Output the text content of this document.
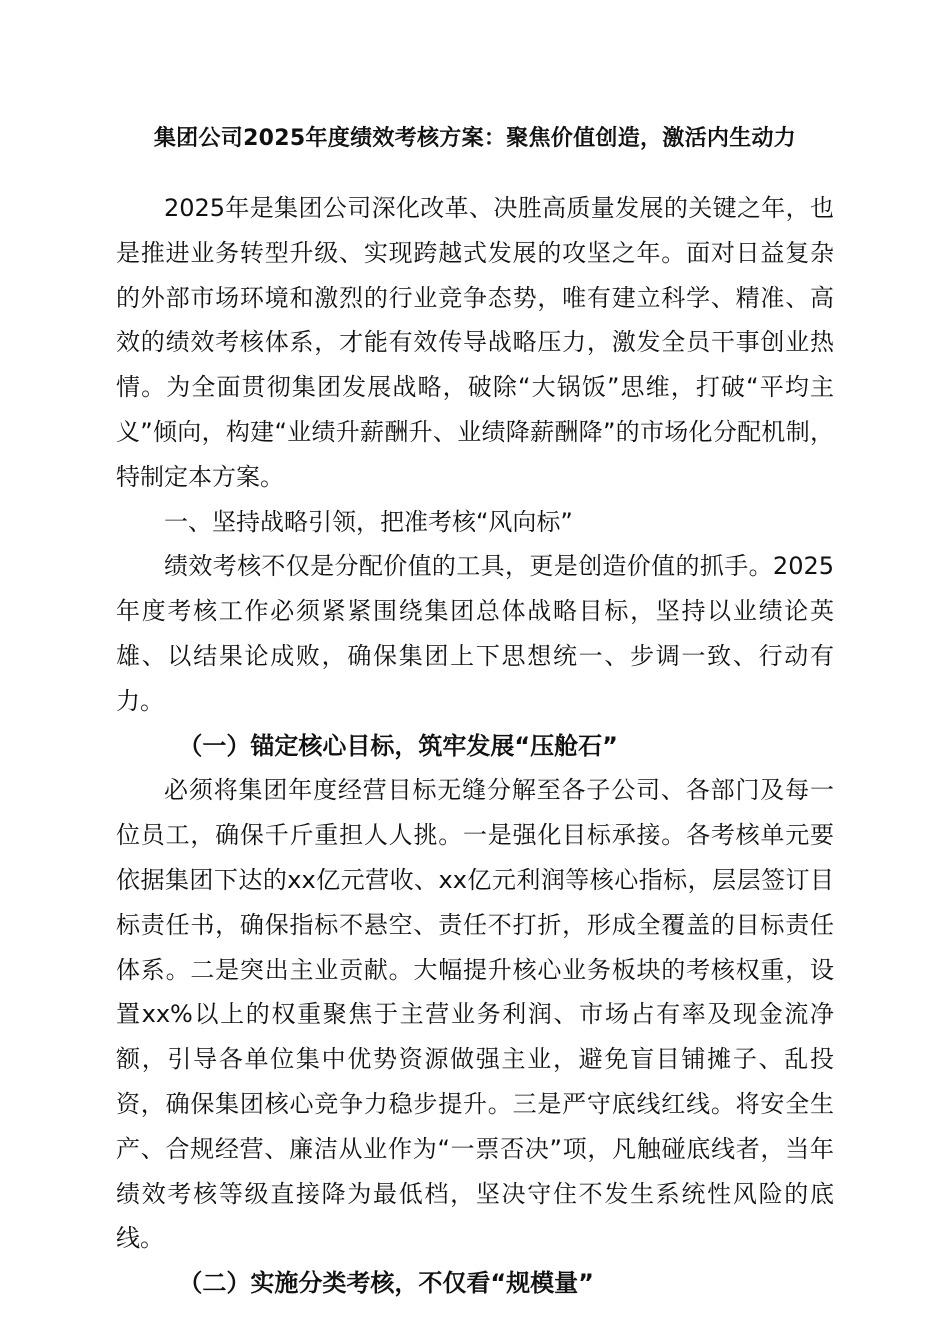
集团公司2025年度绩效考核方案：聚焦价值创造，激活内生动力

2025年是集团公司深化改革、决胜高质量发展的关键之年，也是推进业务转型升级、实现跨越式发展的攻坚之年。面对日益复杂的外部市场环境和激烈的行业竞争态势，唯有建立科学、精准、高效的绩效考核体系，才能有效传导战略压力，激发全员干事创业热情。为全面贯彻集团发展战略，破除“大锅饭”思维，打破“平均主义”倾向，构建“业绩升薪酬升、业绩降薪酬降”的市场化分配机制，特制定本方案。

一、坚持战略引领，把准考核“风向标”

绩效考核不仅是分配价值的工具，更是创造价值的抓手。2025年度考核工作必须紧紧围绕集团总体战略目标，坚持以业绩论英雄、以结果论成败，确保集团上下思想统一、步调一致、行动有力。

（一）锚定核心目标，筑牢发展“压舱石”

必须将集团年度经营目标无缝分解至各子公司、各部门及每一位员工，确保千斤重担人人挑。一是强化目标承接。各考核单元要依据集团下达的xx亿元营收、xx亿元利润等核心指标，层层签订目标责任书，确保指标不悬空、责任不打折，形成全覆盖的目标责任体系。二是突出主业贡献。大幅提升核心业务板块的考核权重，设置xx%以上的权重聚焦于主营业务利润、市场占有率及现金流净额，引导各单位集中优势资源做强主业，避免盲目铺摊子、乱投资，确保集团核心竞争力稳步提升。三是严守底线红线。将安全生产、合规经营、廉洁从业作为“一票否决”项，凡触碰底线者，当年绩效考核等级直接降为最低档，坚决守住不发生系统性风险的底线。

（二）实施分类考核，不仅看“规模量”
